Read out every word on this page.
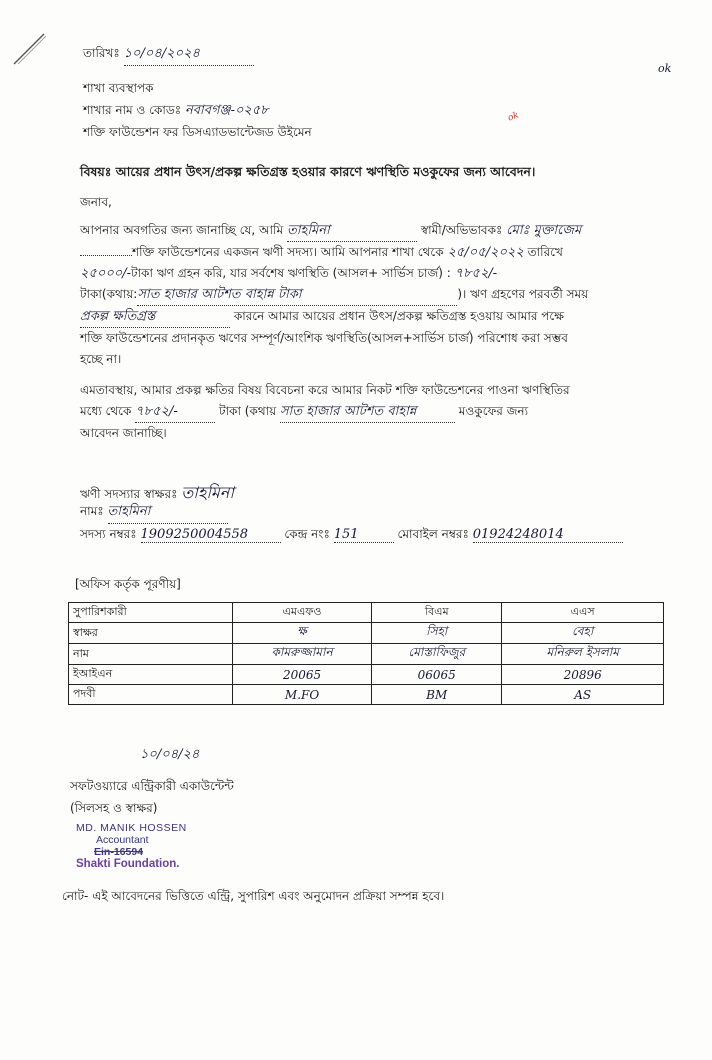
তারিখঃ ১০/০৪/২০২৪
ok
শাখা ব্যবস্থাপক
শাখার নাম ও কোডঃ নবাবগঞ্জ-০২৫৮	ok
শক্তি ফাউন্ডেশন ফর ডিসএ্যাডভান্টেজড উইমেন
বিষয়ঃ আয়ের প্রধান উৎস/প্রকল্প ক্ষতিগ্রস্ত হওয়ার কারণে ঋণস্থিতি মওকুফের জন্য আবেদন।
জনাব,

আপনার অবগতির জন্য জানাচ্ছি যে, আমি তাহমিনা	স্বামী/অভিভাবকঃ মোঃ মুক্তাজেম

শক্তি ফাউন্ডেশনের একজন ঋণী সদস্য। আমি আপনার শাখা থেকে ২৫/০৫/২০২২ তারিখে

২৫০০০/-টাকা ঋণ গ্রহন করি, যার সর্বশেষ ঋণস্থিতি (আসল+ সার্ভিস চার্জ) : ৭৮৫২/-

টাকা(কথায়:সাত হাজার আটশত বাহান্ন টাকা	)। ঋণ গ্রহণের পরবর্তী সময়

প্রকল্প ক্ষতিগ্রস্ত	কারনে আমার আয়ের প্রধান উৎস/প্রকল্প ক্ষতিগ্রস্ত হওয়ায় আমার পক্ষে

শক্তি ফাউন্ডেশনের প্রদানকৃত ঋণের সম্পূর্ণ/আংশিক ঋণস্থিতি(আসল+সার্ভিস চার্জ) পরিশোধ করা সম্ভব

হচ্ছে না।

এমতাবস্থায়, আমার প্রকল্প ক্ষতির বিষয় বিবেচনা করে আমার নিকট শক্তি ফাউন্ডেশনের পাওনা ঋণস্থিতির

মধ্যে থেকে ৭৮৫২/-	টাকা (কথায় সাত হাজার আটশত বাহান্ন	মওকুফের জন্য

আবেদন জানাচ্ছি।

ঋণী সদস্যার স্বাক্ষরঃ তাহমিনা
নামঃ তাহমিনা
সদস্য নম্বরঃ 1909250004558	কেন্দ্র নংঃ 151	মোবাইল নম্বরঃ 01924248014
[অফিস কর্তৃক পূরণীয়]
সুপারিশকারী	এমএফও	বিএম	এএস
স্বাক্ষর	ক্ষ	সিহা	বেহা
নাম	কামরুজ্জামান	মোস্তাফিজুর	মনিরুল ইসলাম
ইআইএন	20065	06065	20896
পদবী	M.FO	BM	AS
১০/০৪/২৪
সফটওয়্যারে এন্ট্রিকারী একাউন্টেন্ট
(সিলসহ ও স্বাক্ষর)
MD. MANIK HOSSEN
Accountant
Ein-16594
Shakti Foundation.
নোট- এই আবেদনের ভিত্তিতে এন্ট্রি, সুপারিশ এবং অনুমোদন প্রক্রিয়া সম্পন্ন হবে।
